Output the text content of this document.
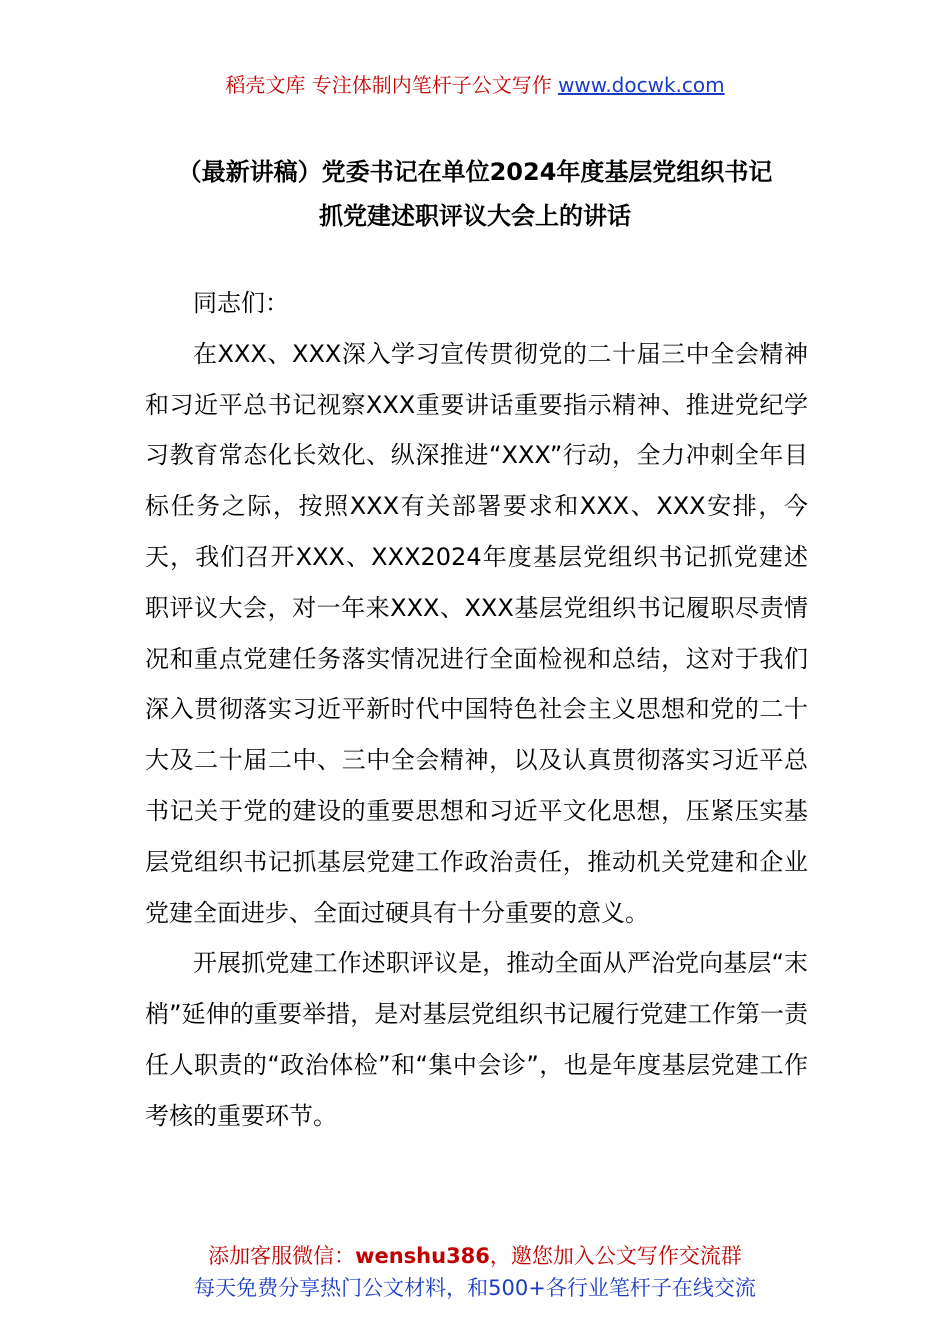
稻壳文库 专注体制内笔杆子公文写作 www.docwk.com
（最新讲稿）党委书记在单位2024年度基层党组织书记
抓党建述职评议大会上的讲话

同志们：

在XXX、XXX深入学习宣传贯彻党的二十届三中全会精神和习近平总书记视察XXX重要讲话重要指示精神、推进党纪学习教育常态化长效化、纵深推进“XXX”行动，全力冲刺全年目标任务之际，按照XXX有关部署要求和XXX、XXX安排，今天，我们召开XXX、XXX2024年度基层党组织书记抓党建述职评议大会，对一年来XXX、XXX基层党组织书记履职尽责情况和重点党建任务落实情况进行全面检视和总结，这对于我们深入贯彻落实习近平新时代中国特色社会主义思想和党的二十大及二十届二中、三中全会精神，以及认真贯彻落实习近平总书记关于党的建设的重要思想和习近平文化思想，压紧压实基层党组织书记抓基层党建工作政治责任，推动机关党建和企业党建全面进步、全面过硬具有十分重要的意义。

开展抓党建工作述职评议是，推动全面从严治党向基层“末梢”延伸的重要举措，是对基层党组织书记履行党建工作第一责任人职责的“政治体检”和“集中会诊”，也是年度基层党建工作考核的重要环节。

添加客服微信：wenshu386，邀您加入公文写作交流群
每天免费分享热门公文材料，和500+各行业笔杆子在线交流
